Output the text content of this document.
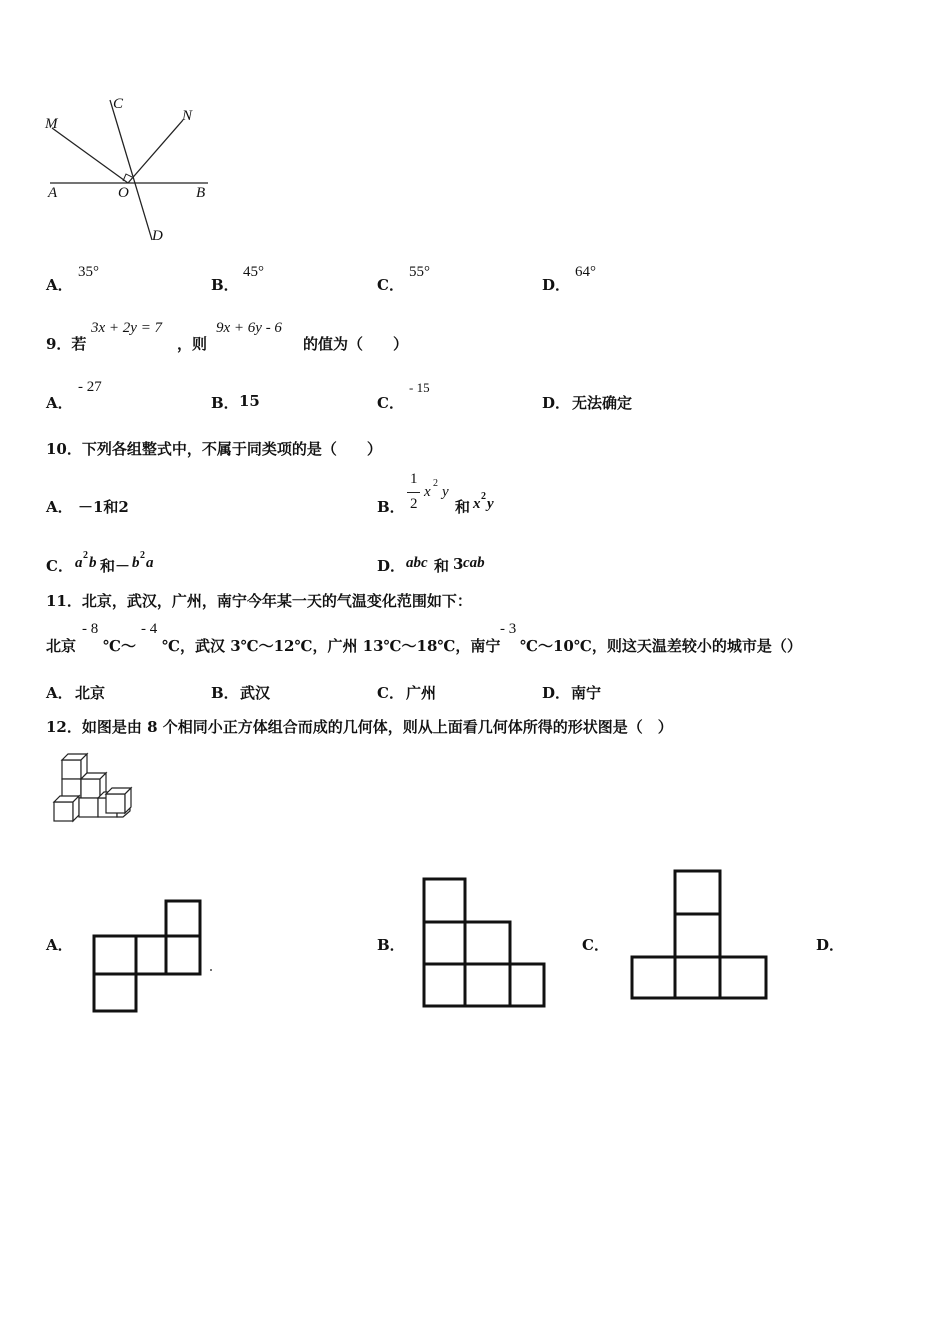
M
C
N
A	O	B
D
A．
35°
B．
45°
C．
55°
D．
64°
9．若
3x + 2y = 7
，则
9x + 6y - 6
的值为（　　）
A．
- 27
B． 15	C．
- 15
D． 无法确定
10．下列各组整式中，不属于同类项的是（　　）
A． －1和2	B．
1
2
x
2
y
和 x 2 y
C． a 2 b 和－ b 2 a	D． abc 和 3 cab
11．北京，武汉，广州，南宁今年某一天的气温变化范围如下：
北京
- 8
℃～
- 4
℃，武汉 3℃～12℃，广州 13℃～18℃，南宁
- 3
℃～10℃，则这天温差较小的城市是（）
A． 北京	B． 武汉	C． 广州	D． 南宁
12．如图是由 8 个相同小正方体组合而成的几何体，则从上面看几何体所得的形状图是（　）
A．	B．	C．	D．
